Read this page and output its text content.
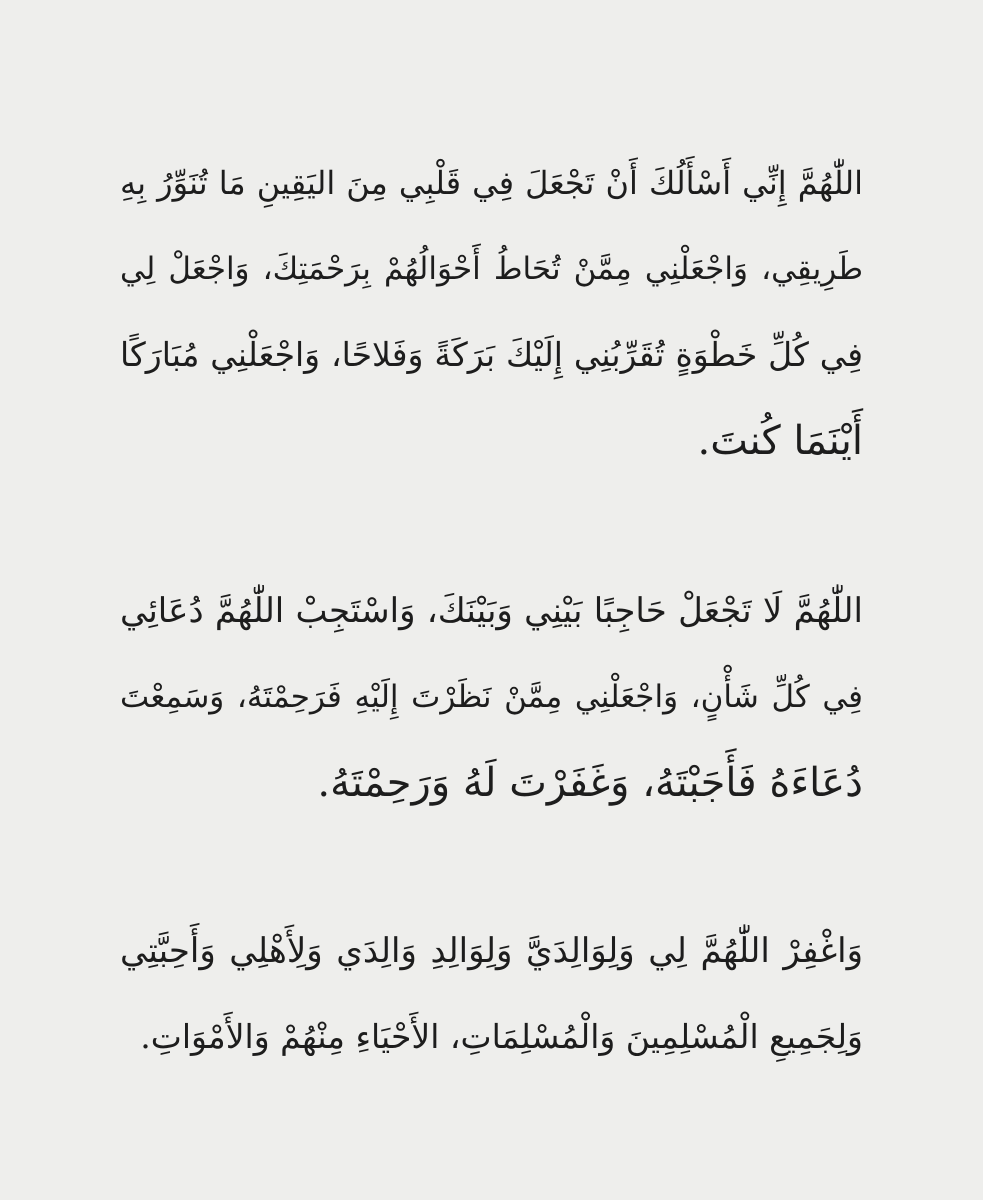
اللّٰهُمَّ إِنِّي أَسْأَلُكَ أَنْ تَجْعَلَ فِي قَلْبِي مِنَ اليَقِينِ مَا تُنَوِّرُ بِهِ
طَرِيقِي، وَاجْعَلْنِي مِمَّنْ تُحَاطُ أَحْوَالُهُمْ بِرَحْمَتِكَ، وَاجْعَلْ لِي
فِي كُلِّ خَطْوَةٍ تُقَرِّبُنِي إِلَيْكَ بَرَكَةً وَفَلاحًا، وَاجْعَلْنِي مُبَارَكًا
أَيْنَمَا كُنتَ.
اللّٰهُمَّ لَا تَجْعَلْ حَاجِبًا بَيْنِي وَبَيْنَكَ، وَاسْتَجِبْ اللّٰهُمَّ دُعَائِي
فِي كُلِّ شَأْنٍ، وَاجْعَلْنِي مِمَّنْ نَظَرْتَ إِلَيْهِ فَرَحِمْتَهُ، وَسَمِعْتَ
دُعَاءَهُ فَأَجَبْتَهُ، وَغَفَرْتَ لَهُ وَرَحِمْتَهُ.
وَاغْفِرْ اللّٰهُمَّ لِي وَلِوَالِدَيَّ وَلِوَالِدِ وَالِدَي وَلِأَهْلِي وَأَحِبَّتِي
وَلِجَمِيعِ الْمُسْلِمِينَ وَالْمُسْلِمَاتِ، الأَحْيَاءِ مِنْهُمْ وَالأَمْوَاتِ.
